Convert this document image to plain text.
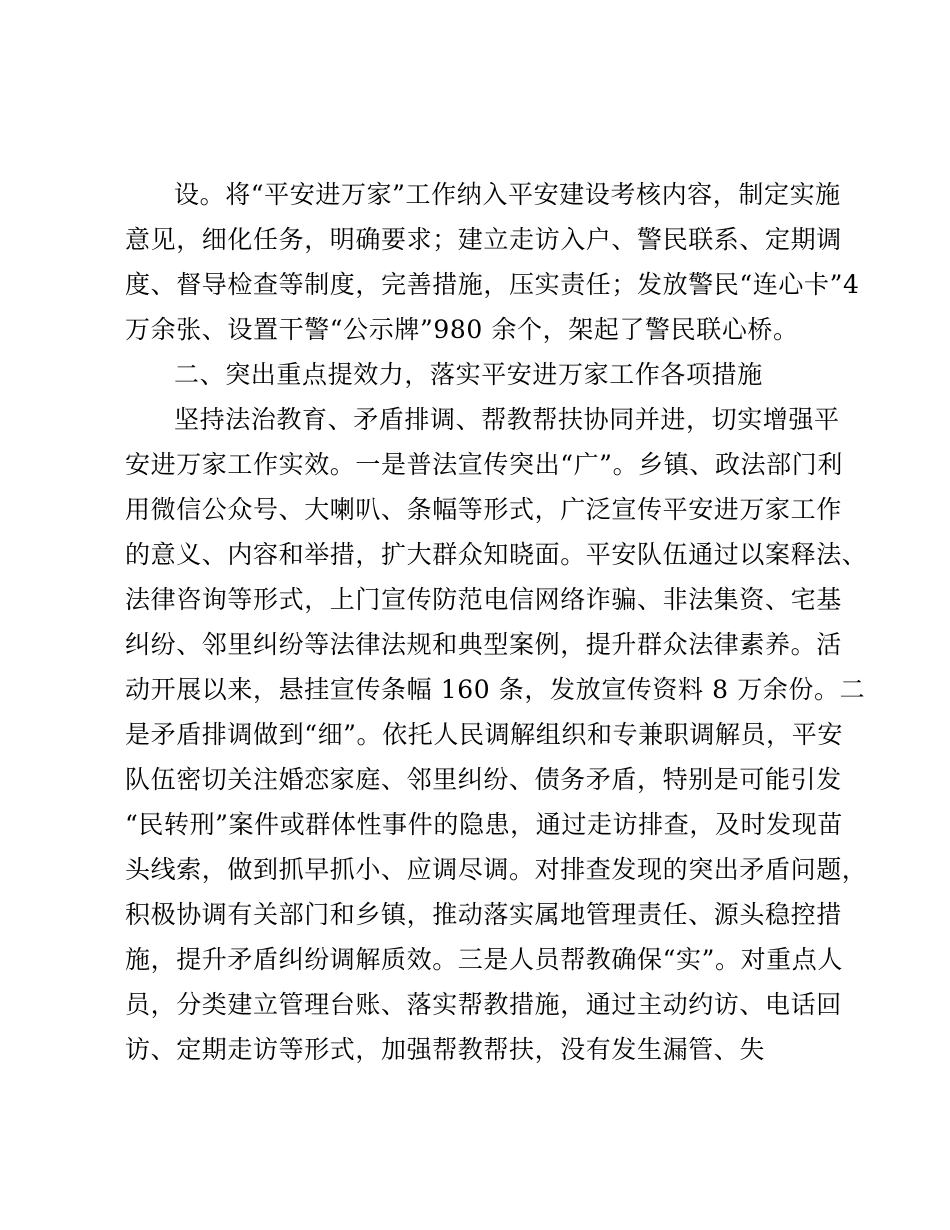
设。将“平安进万家”工作纳入平安建设考核内容，制定实施
意见，细化任务，明确要求；建立走访入户、警民联系、定期调
度、督导检查等制度，完善措施，压实责任；发放警民“连心卡”4
万余张、设置干警“公示牌”980 余个，架起了警民联心桥。
二、突出重点提效力，落实平安进万家工作各项措施
坚持法治教育、矛盾排调、帮教帮扶协同并进，切实增强平
安进万家工作实效。一是普法宣传突出“广”。乡镇、政法部门利
用微信公众号、大喇叭、条幅等形式，广泛宣传平安进万家工作
的意义、内容和举措，扩大群众知晓面。平安队伍通过以案释法、
法律咨询等形式，上门宣传防范电信网络诈骗、非法集资、宅基
纠纷、邻里纠纷等法律法规和典型案例，提升群众法律素养。活
动开展以来，悬挂宣传条幅 160 条，发放宣传资料 8 万余份。二
是矛盾排调做到“细”。依托人民调解组织和专兼职调解员，平安
队伍密切关注婚恋家庭、邻里纠纷、债务矛盾，特别是可能引发
“民转刑”案件或群体性事件的隐患，通过走访排查，及时发现苗
头线索，做到抓早抓小、应调尽调。对排查发现的突出矛盾问题，
积极协调有关部门和乡镇，推动落实属地管理责任、源头稳控措
施，提升矛盾纠纷调解质效。三是人员帮教确保“实”。对重点人
员，分类建立管理台账、落实帮教措施，通过主动约访、电话回
访、定期走访等形式，加强帮教帮扶，没有发生漏管、失
